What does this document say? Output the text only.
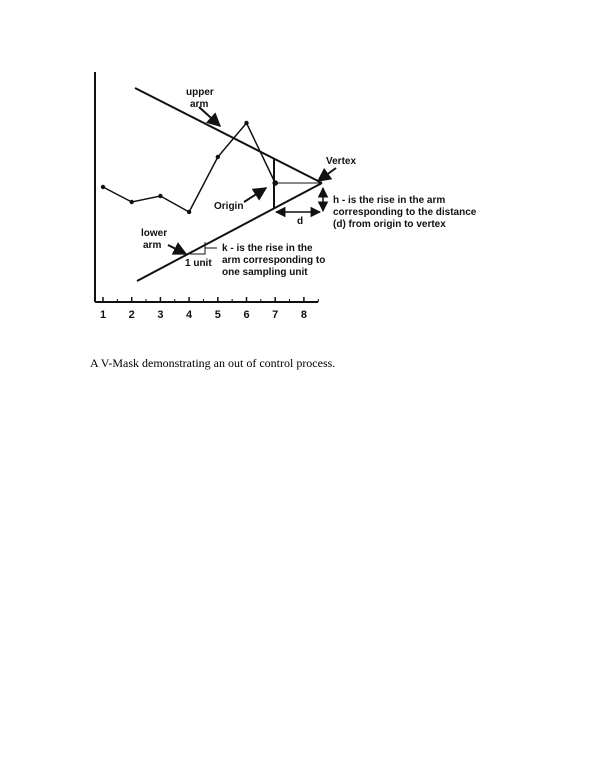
1 2 3 4 5 6 7 8
upper
arm
Vertex
Origin
d
h - is the rise in the arm
corresponding to the distance
(d) from origin to vertex
lower
arm
1 unit
k - is the rise in the
arm corresponding to
one sampling unit

A V-Mask demonstrating an out of control process.
